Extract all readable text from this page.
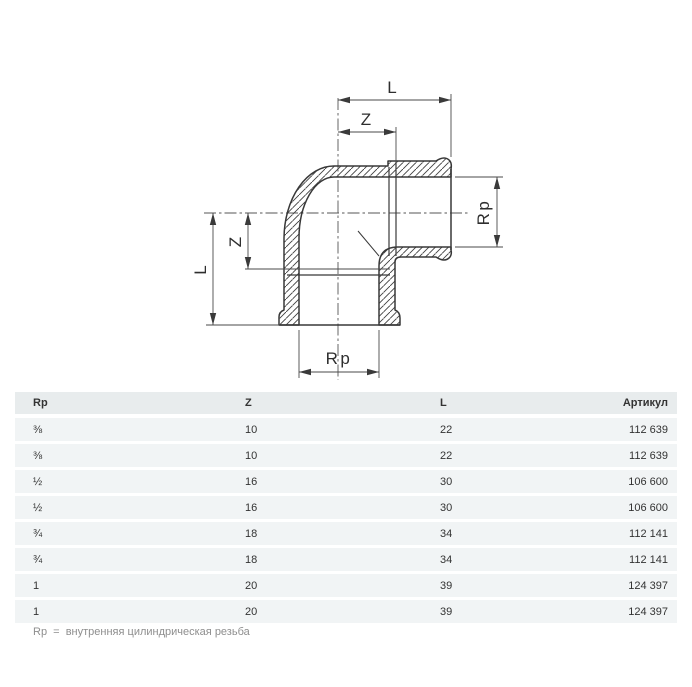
L
Z
L
Z
Rp
Rp
Rp	Z	L	Артикул
⅜	10	22	112 639
⅜	10	22	112 639
½	16	30	106 600
½	16	30	106 600
¾	18	34	112 141
¾	18	34	112 141
1	20	39	124 397
1	20	39	124 397
Rp  =  внутренняя цилиндрическая резьба
